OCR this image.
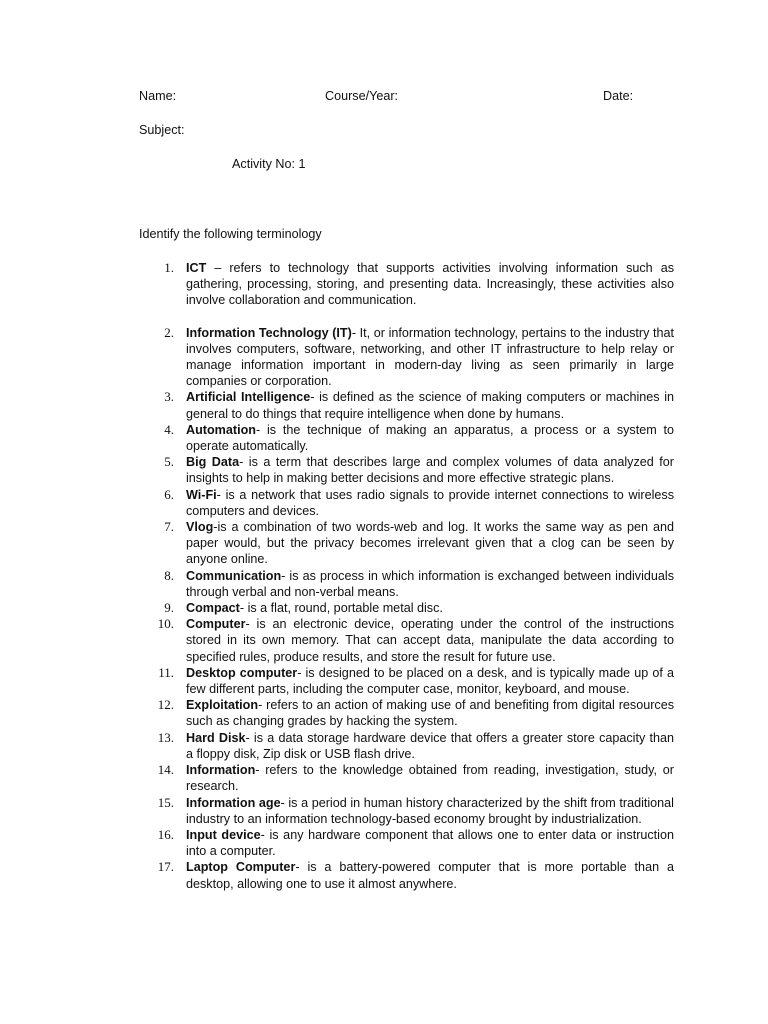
Name:	Course/Year:	Date:
Subject:
Activity No: 1
Identify the following terminology
1. ICT – refers to technology that supports activities involving information such as gathering, processing, storing, and presenting data. Increasingly, these activities also involve collaboration and communication.
2. Information Technology (IT)- It, or information technology, pertains to the industry that involves computers, software, networking, and other IT infrastructure to help relay or manage information important in modern-day living as seen primarily in large companies or corporation.
3. Artificial Intelligence- is defined as the science of making computers or machines in general to do things that require intelligence when done by humans.
4. Automation- is the technique of making an apparatus, a process or a system to operate automatically.
5. Big Data- is a term that describes large and complex volumes of data analyzed for insights to help in making better decisions and more effective strategic plans.
6. Wi-Fi- is a network that uses radio signals to provide internet connections to wireless computers and devices.
7. Vlog-is a combination of two words-web and log. It works the same way as pen and paper would, but the privacy becomes irrelevant given that a clog can be seen by anyone online.
8. Communication- is as process in which information is exchanged between individuals through verbal and non-verbal means.
9. Compact- is a flat, round, portable metal disc.
10. Computer- is an electronic device, operating under the control of the instructions stored in its own memory. That can accept data, manipulate the data according to specified rules, produce results, and store the result for future use.
11. Desktop computer- is designed to be placed on a desk, and is typically made up of a few different parts, including the computer case, monitor, keyboard, and mouse.
12. Exploitation- refers to an action of making use of and benefiting from digital resources such as changing grades by hacking the system.
13. Hard Disk- is a data storage hardware device that offers a greater store capacity than a floppy disk, Zip disk or USB flash drive.
14. Information- refers to the knowledge obtained from reading, investigation, study, or research.
15. Information age- is a period in human history characterized by the shift from traditional industry to an information technology-based economy brought by industrialization.
16. Input device- is any hardware component that allows one to enter data or instruction into a computer.
17. Laptop Computer- is a battery-powered computer that is more portable than a desktop, allowing one to use it almost anywhere.
